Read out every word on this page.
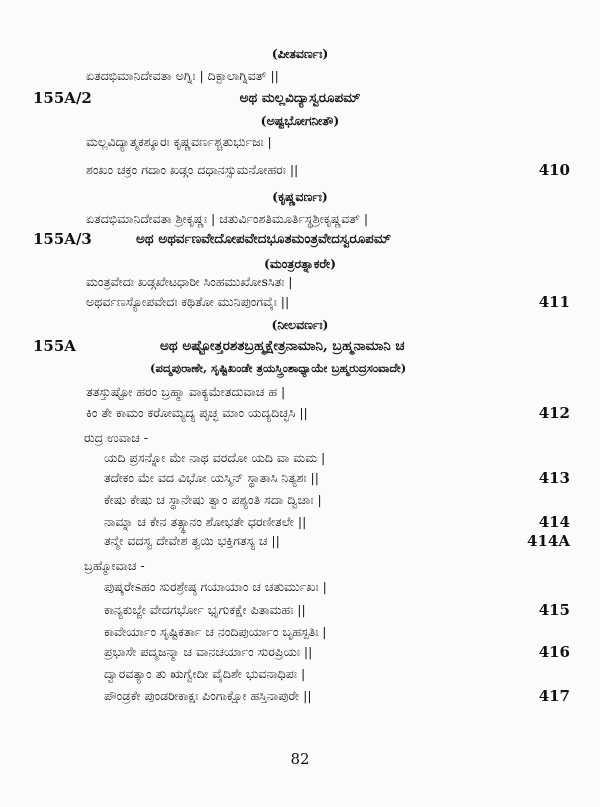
(ಪೀತವರ್ಣಃ)
ಏತದಭಿಮಾನಿದೇವತಾ ಅಗ್ನಿಃ | ದಿಕ್ಪಾಲಾಗ್ನಿವತ್ ||
155A/2	ಅಥ ಮಲ್ಲವಿದ್ಯಾಸ್ವರೂಪಮ್
(ಅಷ್ಟಭೋಗನೀತೌ)
ಮಲ್ಲವಿದ್ಯಾತ್ಮಕಶ್ಶೂರಃ ಕೃಷ್ಣವರ್ಣಶ್ಚತುರ್ಭುಜಃ |
ಶಂಖಂ ಚಕ್ರಂ ಗದಾಂ ಖಡ್ಗಂ ದಧಾನಸ್ಸುಮನೋಹರಃ ||	410
(ಕೃಷ್ಣವರ್ಣಃ)
ಏತದಭಿಮಾನಿದೇವತಾ ಶ್ರೀಕೃಷ್ಣಃ | ಚತುರ್ವಿಂಶತಿಮೂರ್ತಿಸ್ಥಶ್ರೀಕೃಷ್ಣವತ್ |
155A/3	ಅಥ ಅಥರ್ವಣವೇದೋಪವೇದಭೂತಮಂತ್ರವೇದಸ್ವರೂಪಮ್
(ಮಂತ್ರರತ್ನಾಕರೇ)
ಮಂತ್ರವೇದಃ ಖಡ್ಗಖೇಟಧಾರೀ ಸಿಂಹಮುಖೋsಸಿತಃ |
ಅಥರ್ವಣಸ್ಯೋಪವೇದಃ ಕಥಿತೋ ಮುನಿಪುಂಗವೈಃ ||	411
(ನೀಲವರ್ಣಃ)
155A	ಅಥ ಅಷ್ಟೋತ್ತರಶತಬ್ರಹ್ಮಕ್ಷೇತ್ರನಾಮಾನಿ, ಬ್ರಹ್ಮನಾಮಾನಿ ಚ
(ಪದ್ಮಪುರಾಣೇ, ಸೃಷ್ಟಿಖಂಡೇ ತ್ರಯಸ್ತ್ರಿಂಶಾಧ್ಯಾಯೇ ಬ್ರಹ್ಮರುದ್ರಸಂವಾದೇ)
ತತಸ್ತುಷ್ಟೋ ಹರಂ ಬ್ರಹ್ಮಾ ವಾಕ್ಯಮೇತದುವಾಚ ಹ |
ಕಿಂ ತೇ ಕಾಮಂ ಕರೋಮ್ಯದ್ಯ ಪೃಚ್ಛ ಮಾಂ ಯದ್ಯದಿಚ್ಛಸಿ ||	412
ರುದ್ರ ಉವಾಚ -
ಯದಿ ಪ್ರಸನ್ನೋ ಮೇ ನಾಥ ವರದೋ ಯದಿ ವಾ ಮಮ |
ತದೇಕಂ ಮೇ ವದ ವಿಭೋ ಯಸ್ಮಿನ್ ಸ್ಥಾತಾಸಿ ನಿತ್ಯಶಃ ||	413
ಕೇಷು ಕೇಷು ಚ ಸ್ಥಾನೇಷು ತ್ವಾಂ ಪಶ್ಯಂತಿ ಸದಾ ದ್ವಿಜಾಃ |
ನಾಮ್ನಾ ಚ ಕೇನ ತತ್ಸ್ಥಾನಂ ಶೋಭತೇ ಧರಣೀತಲೇ ||	414
ತನ್ಮೇ ವದಸ್ವ ದೇವೇಶ ತ್ವಯಿ ಭಕ್ತಿಗತಸ್ಯ ಚ ||	414A
ಬ್ರಹ್ಮೋವಾಚ -
ಪುಷ್ಕರೇಽಹಂ ಸುರಶ್ರೇಷ್ಠ ಗಯಾಯಾಂ ಚ ಚತುರ್ಮುಖಃ |
ಕಾನ್ಯಕುಬ್ಜೇ ವೇದಗರ್ಭೋ ಭೃಗುಕಕ್ಷೇ ಪಿತಾಮಹಃ ||	415
ಕಾವೇರ್ಯಾಂ ಸೃಷ್ಟಿಕರ್ತಾ ಚ ನಂದಿಪುರ್ಯಾಂ ಬೃಹಸ್ಪತಿಃ |
ಪ್ರಭಾಸೇ ಪದ್ಮಜನ್ಮಾ ಚ ವಾನಚರ್ಯಾಂ ಸುರಪ್ರಿಯಃ ||	416
ದ್ವಾರವತ್ಯಾಂ ತು ಋಗ್ವೇದೀ ವೈದಿಶೇ ಭುವನಾಧಿಪಃ |
ಪೌಂಡ್ರಕೇ ಪುಂಡರೀಕಾಕ್ಷಃ ಪಿಂಗಾಕ್ಷೋ ಹಸ್ತಿನಾಪುರೇ ||	417
82
